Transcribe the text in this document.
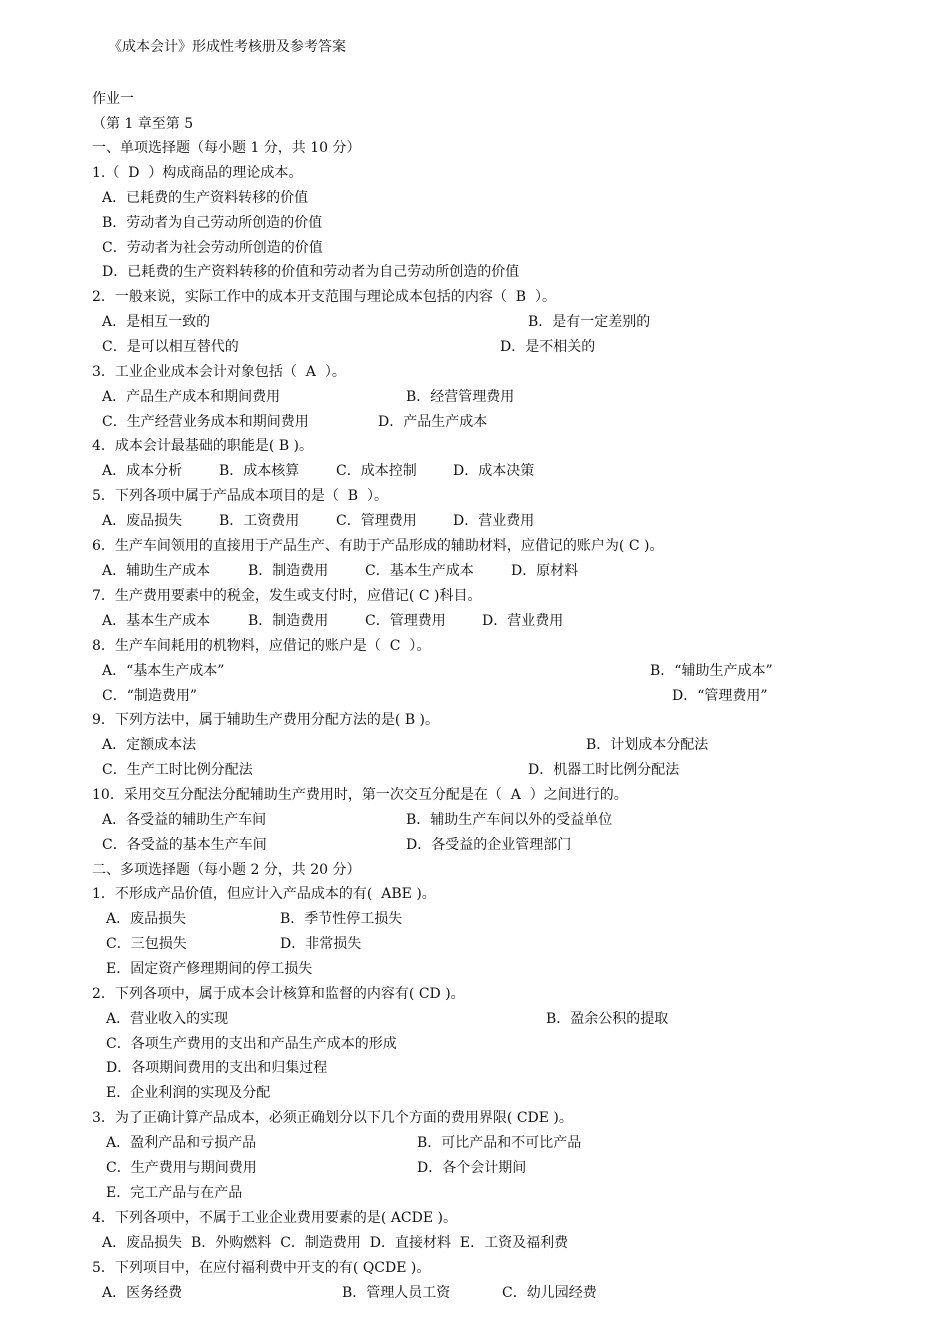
《成本会计》形成性考核册及参考答案
作业一
（第 1 章至第 5
一、单项选择题（每小题 1 分，共 10 分）
1.（  D  ）构成商品的理论成本。
A．已耗费的生产资料转移的价值
B．劳动者为自己劳动所创造的价值
C．劳动者为社会劳动所创造的价值
D．已耗费的生产资料转移的价值和劳动者为自己劳动所创造的价值
2．一般来说，实际工作中的成本开支范围与理论成本包括的内容（  B  ）。
A．是相互一致的	B．是有一定差别的
C．是可以相互替代的	D．是不相关的
3．工业企业成本会计对象包括（  A  ）。
A．产品生产成本和期间费用	B．经营管理费用
C．生产经营业务成本和期间费用	D．产品生产成本
4．成本会计最基础的职能是( B )。
A．成本分析	B．成本核算	C．成本控制	D．成本决策
5．下列各项中属于产品成本项目的是（  B  ）。
A．废品损失	B．工资费用	C．管理费用	D．营业费用
6．生产车间领用的直接用于产品生产、有助于产品形成的辅助材料，应借记的账户为( C )。
A．辅助生产成本	B．制造费用	C．基本生产成本	D．原材料
7．生产费用要素中的税金，发生或支付时，应借记( C )科目。
A．基本生产成本	B．制造费用	C．管理费用	D．营业费用
8．生产车间耗用的机物料，应借记的账户是（  C  ）。
A．“基本生产成本”	B．“辅助生产成本”
C．“制造费用”	D．“管理费用”
9．下列方法中，属于辅助生产费用分配方法的是( B )。
A．定额成本法	B．计划成本分配法
C．生产工时比例分配法	D．机器工时比例分配法
10．采用交互分配法分配辅助生产费用时，第一次交互分配是在（  A  ）之间进行的。
A．各受益的辅助生产车间	B．辅助生产车间以外的受益单位
C．各受益的基本生产车间	D．各受益的企业管理部门
二、多项选择题（每小题 2 分，共 20 分）
1．不形成产品价值，但应计入产品成本的有(  ABE )。
A．废品损失	B．季节性停工损失
C．三包损失	D．非常损失
E．固定资产修理期间的停工损失
2．下列各项中，属于成本会计核算和监督的内容有( CD )。
A．营业收入的实现	B．盈余公积的提取
C．各项生产费用的支出和产品生产成本的形成
D．各项期间费用的支出和归集过程
E．企业利润的实现及分配
3．为了正确计算产品成本，必须正确划分以下几个方面的费用界限( CDE )。
A．盈利产品和亏损产品	B．可比产品和不可比产品
C．生产费用与期间费用	D．各个会计期间
E．完工产品与在产品
4．下列各项中，不属于工业企业费用要素的是( ACDE )。
A．废品损失  B．外购燃料  C．制造费用  D．直接材料  E．工资及福利费
5．下列项目中，在应付福利费中开支的有( QCDE )。
A．医务经费	B．管理人员工资	C．幼儿园经费
